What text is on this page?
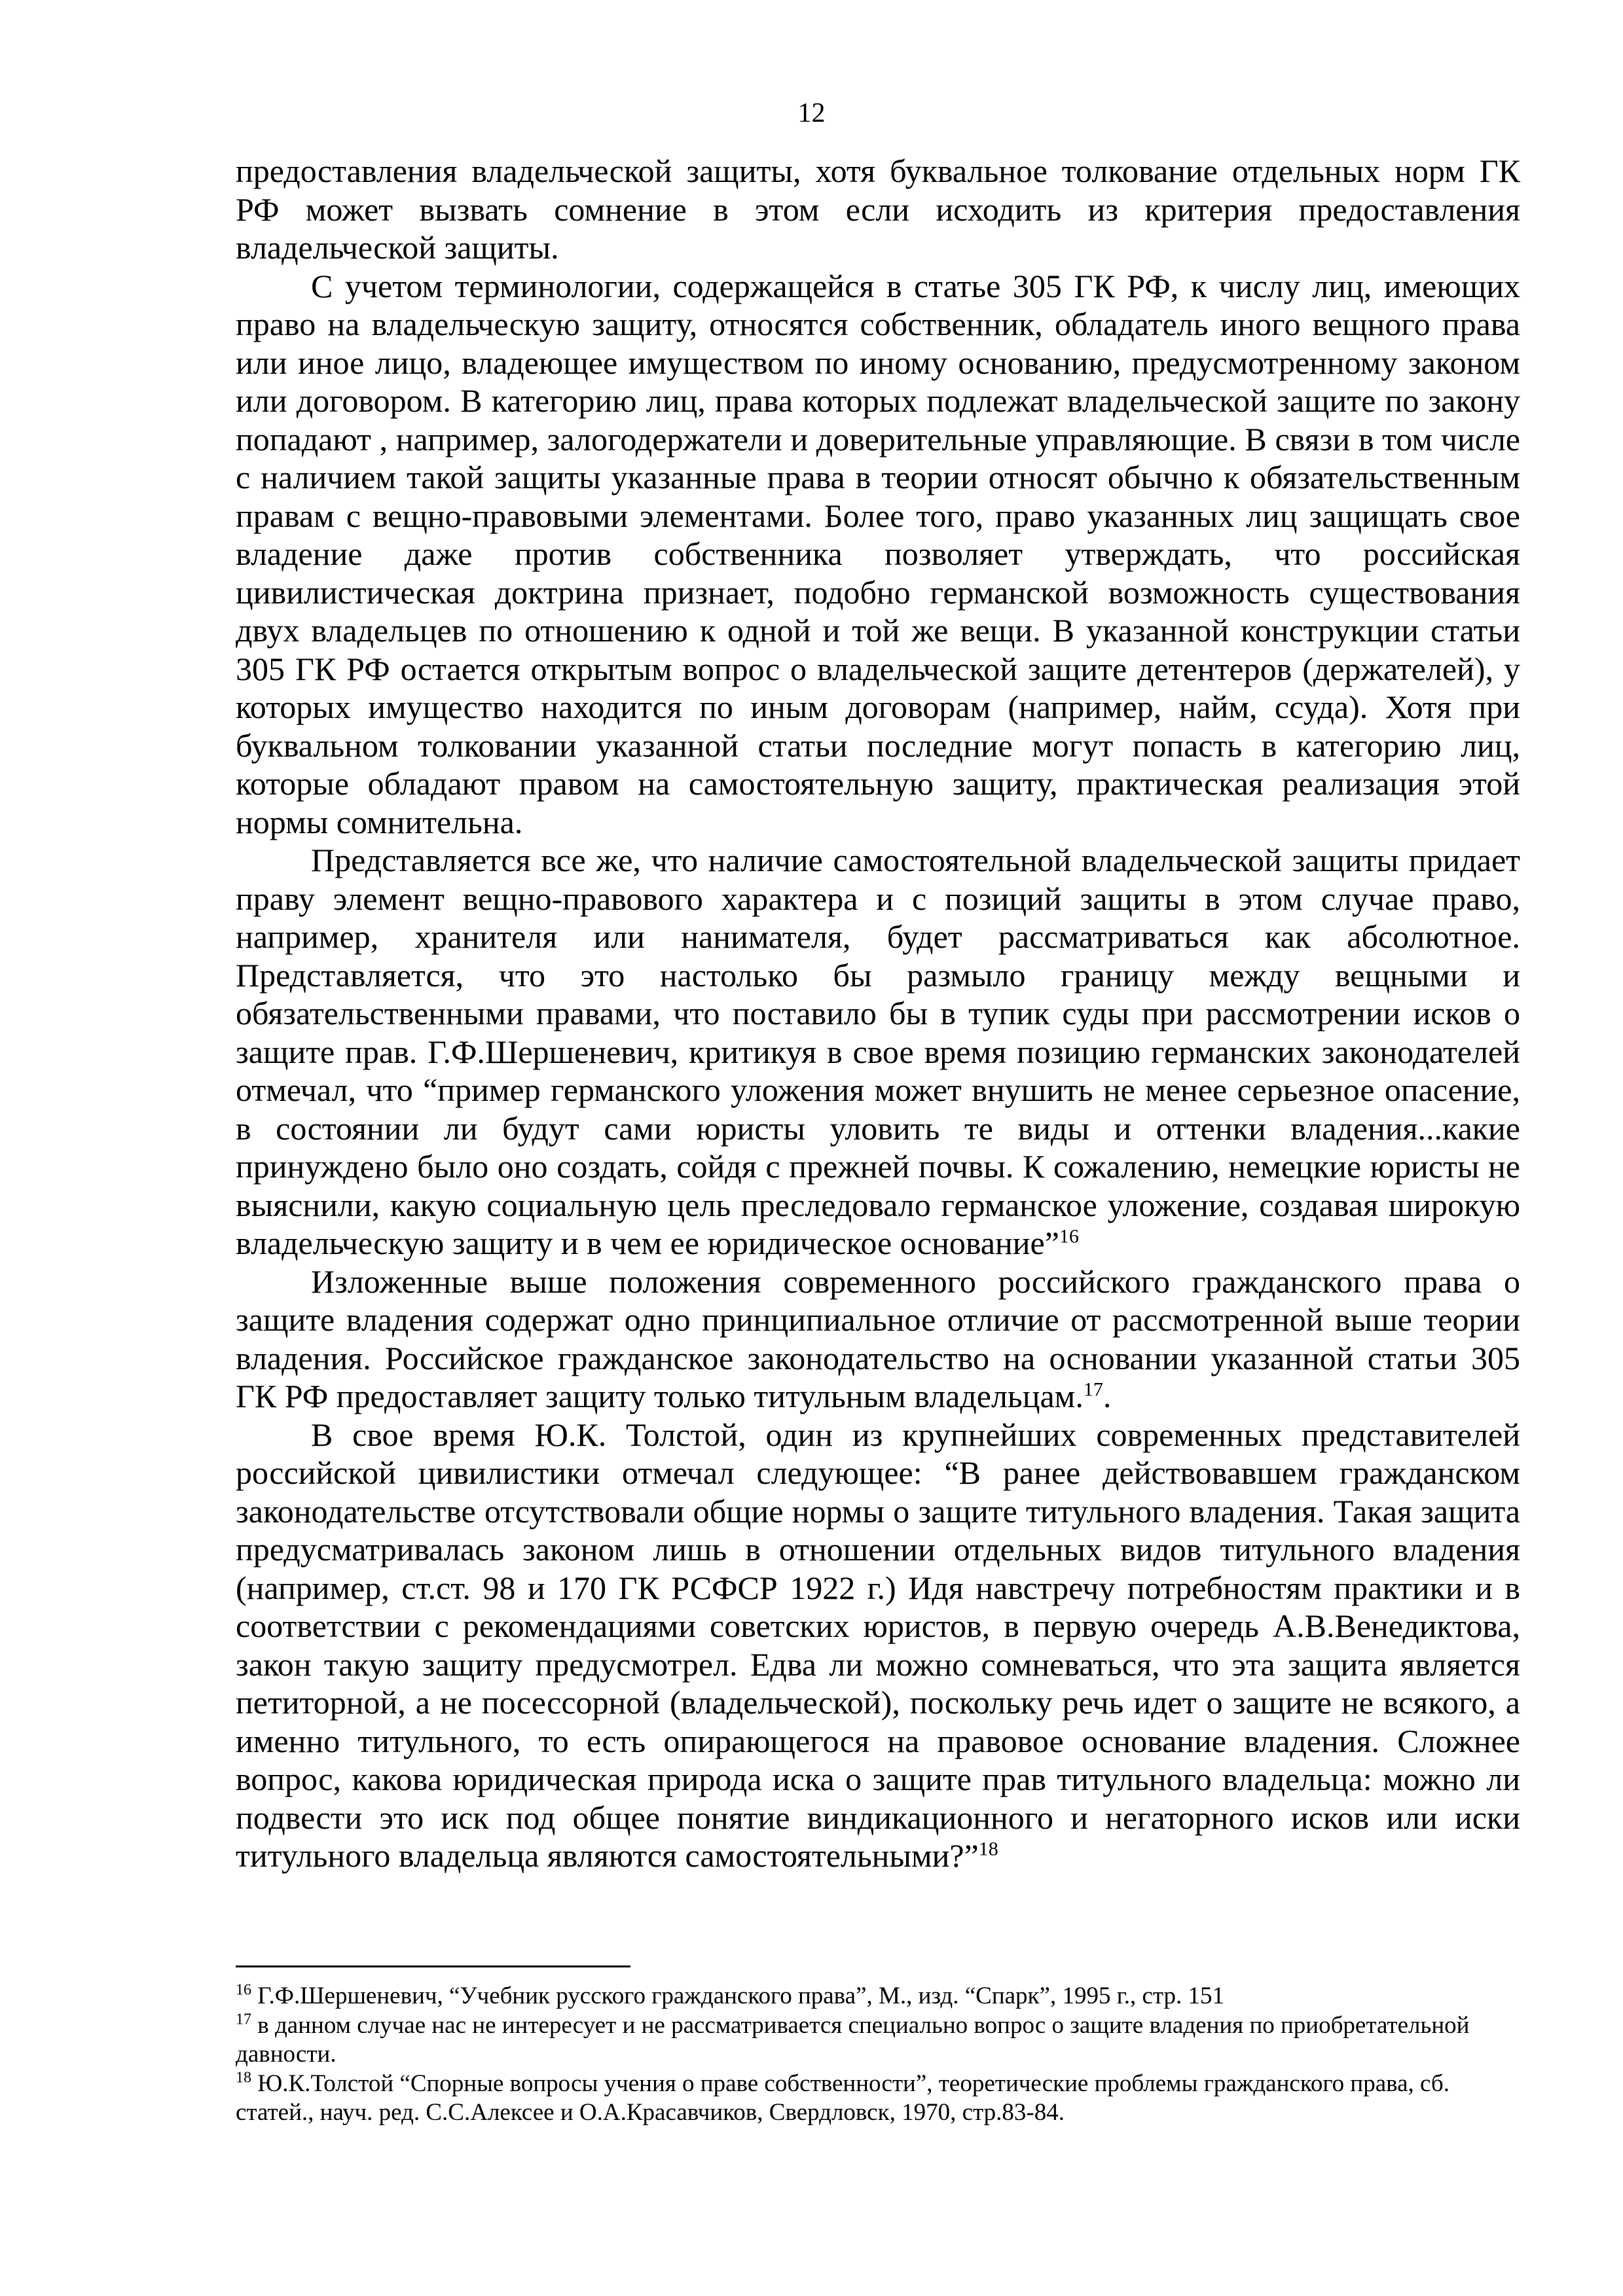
12

предоставления владельческой защиты, хотя буквальное толкование отдельных норм ГК РФ может вызвать сомнение в этом если исходить из критерия предоставления владельческой защиты.

С учетом терминологии, содержащейся в статье 305 ГК РФ, к числу лиц, имеющих право на владельческую защиту, относятся собственник, обладатель иного вещного права или иное лицо, владеющее имуществом по иному основанию, предусмотренному законом или договором. В категорию лиц, права которых подлежат владельческой защите по закону попадают , например, залогодержатели и доверительные управляющие. В связи в том числе с наличием такой защиты указанные права в теории относят обычно к обязательственным правам с вещно-правовыми элементами. Более того, право указанных лиц защищать свое владение даже против собственника позволяет утверждать, что российская цивилистическая доктрина признает, подобно германской возможность существования двух владельцев по отношению к одной и той же вещи. В указанной конструкции статьи 305 ГК РФ остается открытым вопрос о владельческой защите детентеров (держателей), у которых имущество находится по иным договорам (например, найм, ссуда). Хотя при буквальном толковании указанной статьи последние могут попасть в категорию лиц, которые обладают правом на самостоятельную защиту, практическая реализация этой нормы сомнительна.

Представляется все же, что наличие самостоятельной владельческой защиты придает праву элемент вещно-правового характера и с позиций защиты в этом случае право, например, хранителя или нанимателя, будет рассматриваться как абсолютное. Представляется, что это настолько бы размыло границу между вещными и обязательственными правами, что поставило бы в тупик суды при рассмотрении исков о защите прав. Г.Ф.Шершеневич, критикуя в свое время позицию германских законодателей отмечал, что “пример германского уложения может внушить не менее серьезное опасение, в состоянии ли будут сами юристы уловить те виды и оттенки владения...какие принуждено было оно создать, сойдя с прежней почвы. К сожалению, немецкие юристы не выяснили, какую социальную цель преследовало германское уложение, создавая широкую владельческую защиту и в чем ее юридическое основание”$^{16}$

Изложенные выше положения современного российского гражданского права о защите владения содержат одно принципиальное отличие от рассмотренной выше теории владения. Российское гражданское законодательство на основании указанной статьи 305 ГК РФ предоставляет защиту только титульным владельцам.$^{17}$.

В свое время Ю.К. Толстой, один из крупнейших современных представителей российской цивилистики отмечал следующее: “В ранее действовавшем гражданском законодательстве отсутствовали общие нормы о защите титульного владения. Такая защита предусматривалась законом лишь в отношении отдельных видов титульного владения (например, ст.ст. 98 и 170 ГК РСФСР 1922 г.) Идя навстречу потребностям практики и в соответствии с рекомендациями советских юристов, в первую очередь А.В.Венедиктова, закон такую защиту предусмотрел. Едва ли можно сомневаться, что эта защита является петиторной, а не посессорной (владельческой), поскольку речь идет о защите не всякого, а именно титульного, то есть опирающегося на правовое основание владения. Сложнее вопрос, какова юридическая природа иска о защите прав титульного владельца: можно ли подвести это иск под общее понятие виндикационного и негаторного исков или иски титульного владельца являются самостоятельными?”$^{18}$

$^{16}$ Г.Ф.Шершеневич, “Учебник русского гражданского права”, М., изд. “Спарк”, 1995 г., стр. 151

$^{17}$ в данном случае нас не интересует и не рассматривается специально вопрос о защите владения по приобретательной давности.

$^{18}$ Ю.К.Толстой “Спорные вопросы учения о праве собственности”, теоретические проблемы гражданского права, сб. статей., науч. ред. С.С.Алексее и О.А.Красавчиков, Свердловск, 1970, стр.83-84.
